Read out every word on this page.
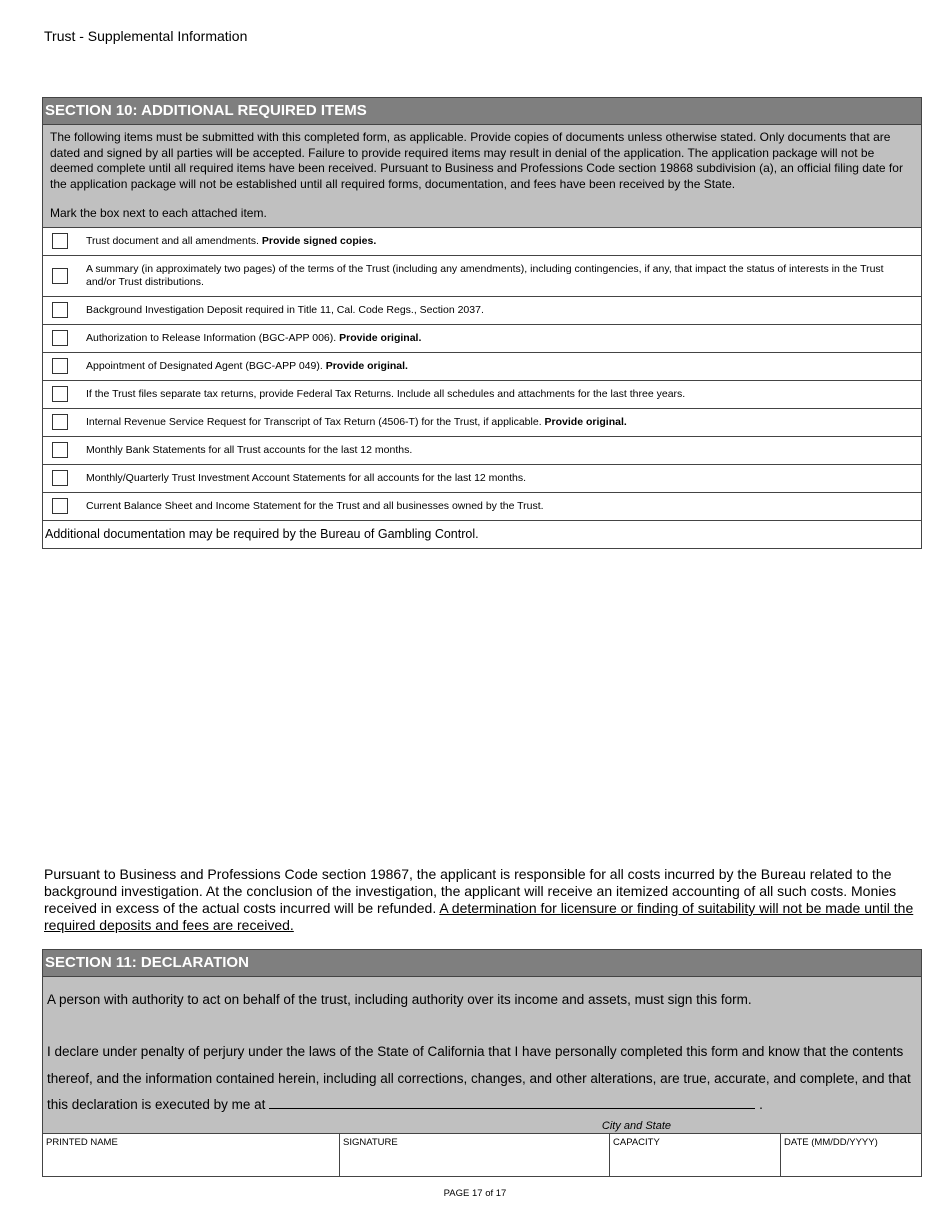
Trust - Supplemental Information
SECTION 10: ADDITIONAL REQUIRED ITEMS

The following items must be submitted with this completed form, as applicable. Provide copies of documents unless otherwise stated. Only documents that are dated and signed by all parties will be accepted. Failure to provide required items may result in denial of the application. The application package will not be deemed complete until all required items have been received. Pursuant to Business and Professions Code section 19868 subdivision (a), an official filing date for the application package will not be established until all required forms, documentation, and fees have been received by the State.

Mark the box next to each attached item.

Trust document and all amendments. Provide signed copies.
A summary (in approximately two pages) of the terms of the Trust (including any amendments), including contingencies, if any, that impact the status of interests in the Trust and/or Trust distributions.
Background Investigation Deposit required in Title 11, Cal. Code Regs., Section 2037.
Authorization to Release Information (BGC-APP 006). Provide original.
Appointment of Designated Agent (BGC-APP 049). Provide original.
If the Trust files separate tax returns, provide Federal Tax Returns. Include all schedules and attachments for the last three years.
Internal Revenue Service Request for Transcript of Tax Return (4506-T) for the Trust, if applicable. Provide original.
Monthly Bank Statements for all Trust accounts for the last 12 months.
Monthly/Quarterly Trust Investment Account Statements for all accounts for the last 12 months.
Current Balance Sheet and Income Statement for the Trust and all businesses owned by the Trust.
Additional documentation may be required by the Bureau of Gambling Control.
Pursuant to Business and Professions Code section 19867, the applicant is responsible for all costs incurred by the Bureau related to the background investigation. At the conclusion of the investigation, the applicant will receive an itemized accounting of all such costs. Monies received in excess of the actual costs incurred will be refunded. A determination for licensure or finding of suitability will not be made until the required deposits and fees are received.
SECTION 11: DECLARATION
A person with authority to act on behalf of the trust, including authority over its income and assets, must sign this form.
I declare under penalty of perjury under the laws of the State of California that I have personally completed this form and know that the contents thereof, and the information contained herein, including all corrections, changes, and other alterations, are true, accurate, and complete, and that this declaration is executed by me at	.
City and State
PRINTED NAME	SIGNATURE	CAPACITY	DATE (MM/DD/YYYY)
PAGE 17 of 17
